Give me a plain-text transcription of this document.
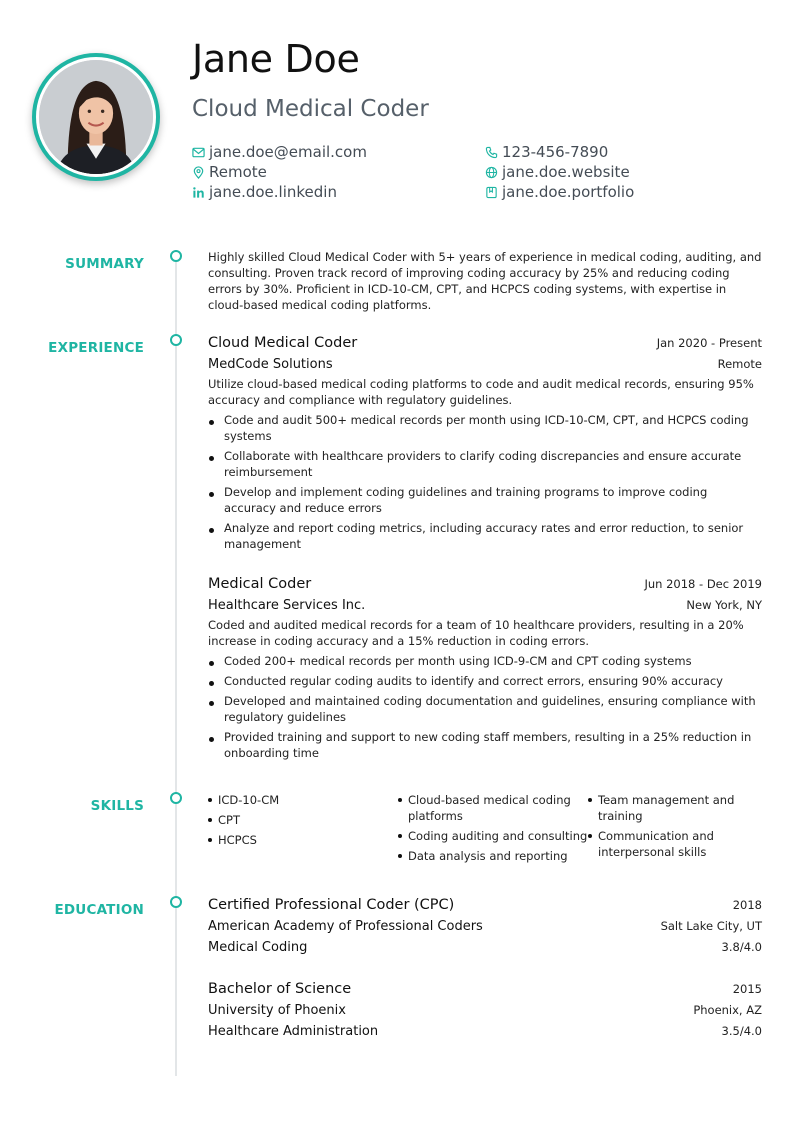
Jane Doe
Cloud Medical Coder
jane.doe@email.com
Remote
jane.doe.linkedin
123-456-7890
jane.doe.website
jane.doe.portfolio
SUMMARY	Highly skilled Cloud Medical Coder with 5+ years of experience in medical coding, auditing, and consulting. Proven track record of improving coding accuracy by 25% and reducing coding errors by 30%. Proficient in ICD-10-CM, CPT, and HCPCS coding systems, with expertise in cloud-based medical coding platforms.

EXPERIENCE	Cloud Medical Coder	Jan 2020 - Present
MedCode Solutions	Remote

Utilize cloud-based medical coding platforms to code and audit medical records, ensuring 95% accuracy and compliance with regulatory guidelines.

Code and audit 500+ medical records per month using ICD-10-CM, CPT, and HCPCS coding systems
Collaborate with healthcare providers to clarify coding discrepancies and ensure accurate reimbursement
Develop and implement coding guidelines and training programs to improve coding accuracy and reduce errors
Analyze and report coding metrics, including accuracy rates and error reduction, to senior management
Medical Coder	Jun 2018 - Dec 2019
Healthcare Services Inc.	New York, NY

Coded and audited medical records for a team of 10 healthcare providers, resulting in a 20% increase in coding accuracy and a 15% reduction in coding errors.

Coded 200+ medical records per month using ICD-9-CM and CPT coding systems
Conducted regular coding audits to identify and correct errors, ensuring 90% accuracy
Developed and maintained coding documentation and guidelines, ensuring compliance with regulatory guidelines
Provided training and support to new coding staff members, resulting in a 25% reduction in onboarding time
SKILLS	ICD-10-CM
CPT
HCPCS
Cloud-based medical coding platforms
Coding auditing and consulting
Data analysis and reporting
Team management and training
Communication and interpersonal skills
EDUCATION	Certified Professional Coder (CPC)	2018
American Academy of Professional Coders	Salt Lake City, UT
Medical Coding	3.8/4.0
Bachelor of Science	2015
University of Phoenix	Phoenix, AZ
Healthcare Administration	3.5/4.0
